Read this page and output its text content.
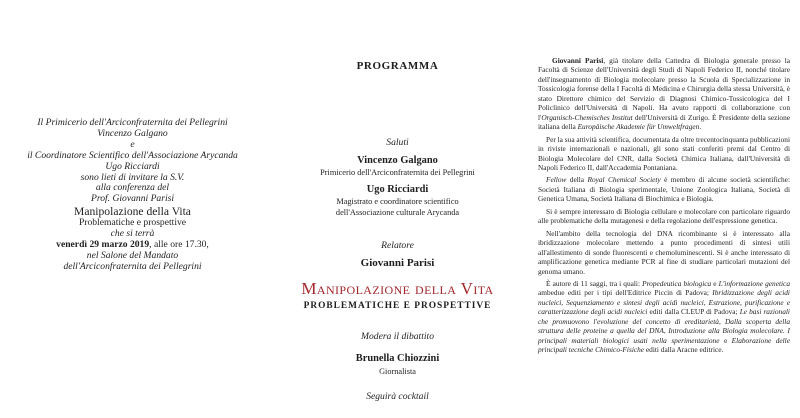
Il Primicerio dell'Arciconfraternita dei Pellegrini
Vincenzo Galgano
e
il Coordinatore Scientifico dell'Associazione Arycanda
Ugo Ricciardi
sono lieti di invitare la S.V.
alla conferenza del
Prof. Giovanni Parisi
Manipolazione della Vita
Problematiche e prospettive
che si terrà
venerdì 29 marzo 2019, alle ore 17.30,
nel Salone del Mandato
dell'Arciconfraternita dei Pellegrini
PROGRAMMA
Saluti
Vincenzo Galgano
Primicerio dell'Arciconfraternita dei Pellegrini
Ugo Ricciardi
Magistrato e coordinatore scientifico
dell'Associazione culturale Arycanda
Relatore
Giovanni Parisi
Manipolazione della Vita
PROBLEMATICHE E PROSPETTIVE
Modera il dibattito
Brunella Chiozzini
Giornalista
Seguirà cocktail

Giovanni Parisi, già titolare della Cattedra di Biologia generale presso la Facoltà di Scienze dell'Università degli Studi di Napoli Federico II, nonché titolare dell'insegnamento di Biologia molecolare presso la Scuola di Specializzazione in Tossicologia forense della I Facoltà di Medicina e Chirurgia della stessa Università, è stato Direttore chimico del Servizio di Diagnosi Chimico-Tossicologica del I Policlinico dell'Università di Napoli. Ha avuto rapporti di collaborazione con l'Organisch-Chemisches Institut dell'Università di Zurigo. È Presidente della sezione italiana della Europäische Akademie für Umweltfragen.

Per la sua attività scientifica, documentata da oltre trecentocinquanta pubblicazioni in riviste internazionali e nazionali, gli sono stati conferiti premi dal Centro di Biologia Molecolare del CNR, dalla Società Chimica Italiana, dall'Università di Napoli Federico II, dall'Accademia Pontaniana.

Fellow della Royal Chemical Society è membro di alcune società scientifiche: Società Italiana di Biologia sperimentale, Unione Zoologica Italiana, Società di Genetica Umana, Società Italiana di Biochimica e Biologia.

Si è sempre interessato di Biologia cellulare e molecolare con particolare riguardo alle problematiche della mutagenesi e della regolazione dell'espressione genetica.

Nell'ambito della tecnologia del DNA ricombinante si è interessato alla ibridizzazione molecolare mettendo a punto procedimenti di sintesi utili all'allestimento di sonde fluorescenti e chemoluminescenti. Si è anche interessato di amplificazione genetica mediante PCR al fine di studiare particolari mutazioni del genoma umano.

È autore di 11 saggi, tra i quali: Propedeutica biologica e L'informazione genetica ambedue editi per i tipi dell'Editrice Piccin di Padova; Ibridizzazione degli acidi nucleici, Sequenziamento e sintesi degli acidi nucleici, Estrazione, purificazione e caratterizzazione degli acidi nucleici editi dalla CLEUP di Padova; Le basi razionali che promuovono l'evoluzione del concetto di ereditarietà, Dalla scoperta della struttura delle proteine a quella del DNA, Introduzione alla Biologia molecolare. I principali materiali biologici usati nella sperimentazione e Elaborazione delle principali tecniche Chimico-Fisiche editi dalla Aracne editrice.
